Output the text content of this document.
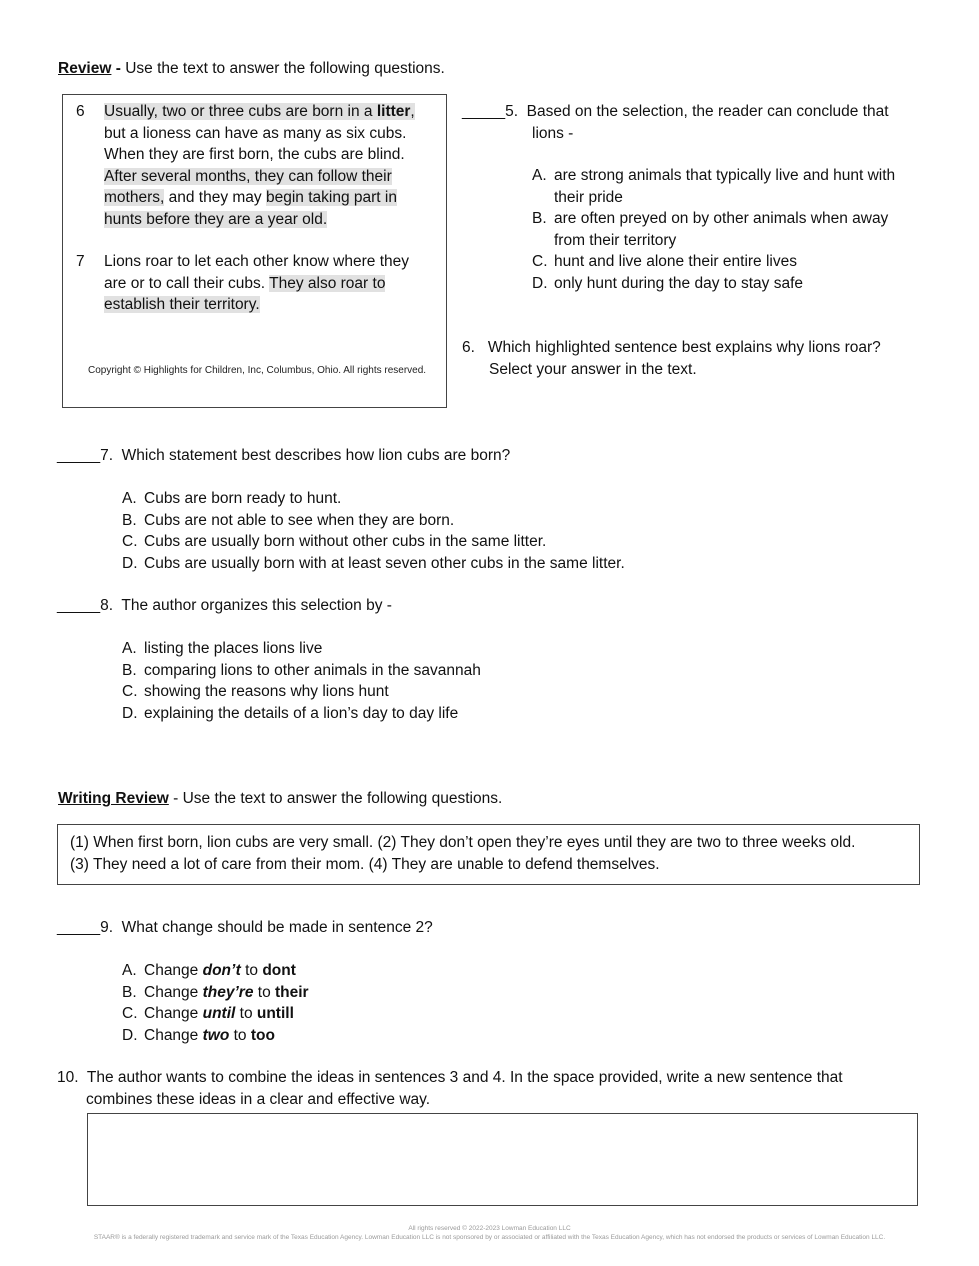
Review - Use the text to answer the following questions.
6 Usually, two or three cubs are born in a litter,
but a lioness can have as many as six cubs.
When they are first born, the cubs are blind.
After several months, they can follow their
mothers, and they may begin taking part in
hunts before they are a year old.
7 Lions roar to let each other know where they
are or to call their cubs. They also roar to
establish their territory.
Copyright © Highlights for Children, Inc, Columbus, Ohio. All rights reserved.
_____5. Based on the selection, the reader can conclude that
lions -
A. are strong animals that typically live and hunt with
their pride
B. are often preyed on by other animals when away
from their territory
C. hunt and live alone their entire lives
D. only hunt during the day to stay safe
6. Which highlighted sentence best explains why lions roar?
Select your answer in the text.
_____7. Which statement best describes how lion cubs are born?
A. Cubs are born ready to hunt.
B. Cubs are not able to see when they are born.
C. Cubs are usually born without other cubs in the same litter.
D. Cubs are usually born with at least seven other cubs in the same litter.
_____8. The author organizes this selection by -
A. listing the places lions live
B. comparing lions to other animals in the savannah
C. showing the reasons why lions hunt
D. explaining the details of a lion’s day to day life
Writing Review - Use the text to answer the following questions.
(1) When first born, lion cubs are very small. (2) They don’t open they’re eyes until they are two to three weeks old.
(3) They need a lot of care from their mom. (4) They are unable to defend themselves.
_____9. What change should be made in sentence 2?
A. Change don’t to dont
B. Change they’re to their
C. Change until to untill
D. Change two to too
10. The author wants to combine the ideas in sentences 3 and 4. In the space provided, write a new sentence that
combines these ideas in a clear and effective way.
All rights reserved © 2022-2023 Lowman Education LLC
STAAR® is a federally registered trademark and service mark of the Texas Education Agency. Lowman Education LLC is not sponsored by or associated or affiliated with the Texas Education Agency, which has not endorsed the products or services of Lowman Education LLC.
